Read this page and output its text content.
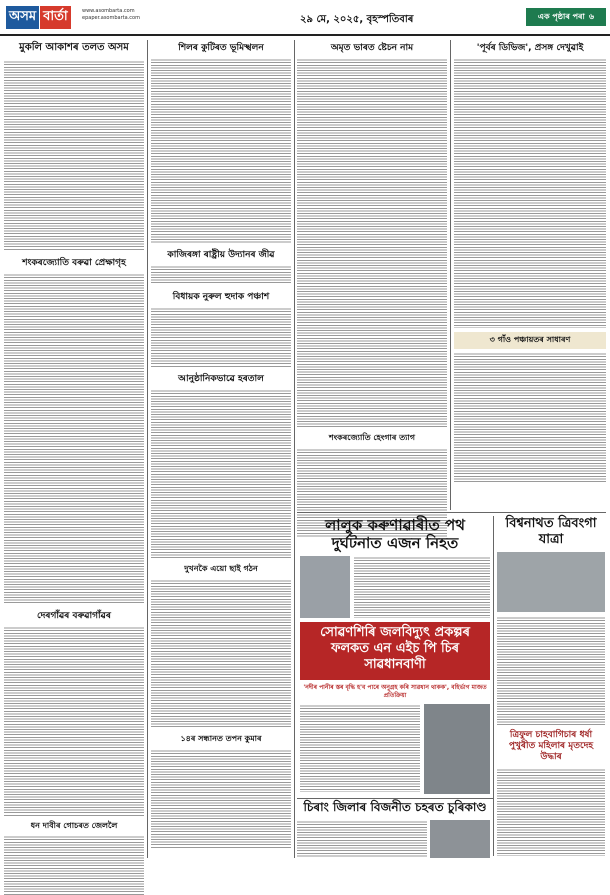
অসম বার্তা	www.asombarta.com
epaper.asombarta.com	২৯ মে, ২০২৫, বৃহস্পতিবাৰ	এক পৃষ্ঠাৰ পৰা ৬
মুকলি আকাশৰ তলত অসম
শংকৰজ্যোতি বৰুৱা প্ৰেক্ষাগৃহ
দেৰগাঁৱৰ বৰুৱাগাঁৱৰ
ধন দাবীৰ গোচৰত জেললৈ
শিলৰ কুটিৰত ভূমিস্খলন
কাজিৰঙ্গা ৰাষ্ট্ৰীয় উদ্যানৰ জীৱ
বিধায়ক নুৰুল হুদাক পঞ্চাশ
আনুষ্ঠানিকভাৱে হৰতাল
দুখনকৈ এয়ো ছাই গঠন
১৪ৰ সন্ধানত তপন কুমাৰ
অমৃত ভাৰত ষ্টেচন নাম
শংকৰজ্যোতি হেংগাৰ ত্যাগ
'পূৰ্বৰ ডিভিজ', প্ৰসঙ্গ দেখুৱাই
৩ গাঁও পঞ্চায়তৰ সাধাৰণ
লালুক কৰুণাৱাৰীত পথ দুৰ্ঘটনাত এজন নিহত
বিশ্বনাথত ত্ৰিবংগা যাত্ৰা
সোৱণশিৰি জলবিদ্যুৎ প্ৰকল্পৰ ফলকত এন এইচ পি চিৰ সাৱধানবাণী
'নদীৰ পানীৰ স্তৰ বৃদ্ধি হ'ব পাৰে অনুগ্ৰহ কৰি সাৱধান থাকক', বহিৰ্ভাগ মাজত প্ৰতিক্ৰিয়া
ত্ৰিফুল চাহবাগিচাৰ ধৰ্ষা পুখুৰীত মহিলাৰ মৃতদেহ উদ্ধাৰ
চিৰাং জিলাৰ বিজনীত চহৰত চুৰিকাণ্ড
